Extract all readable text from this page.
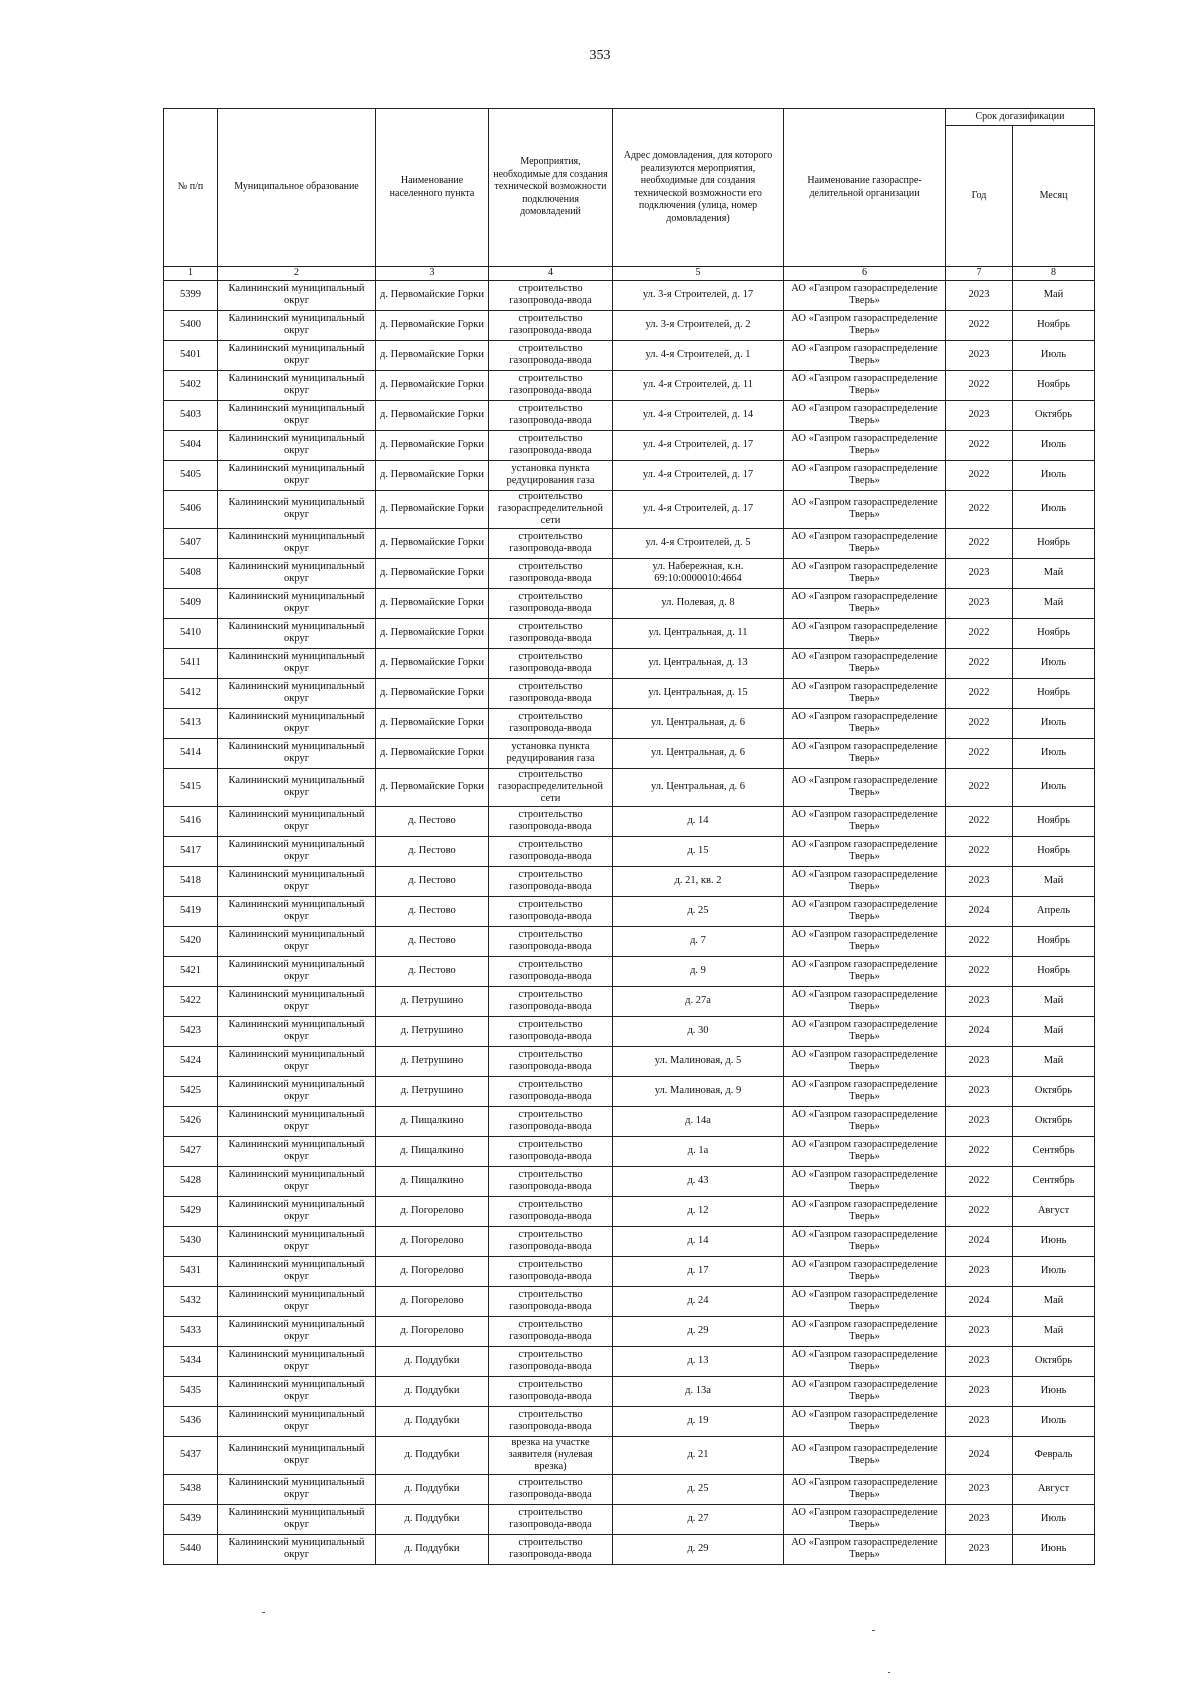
353
№ п/п	Муниципальное образование	Наименование населенного пункта	Мероприятия, необходимые для создания технической возможности подключения домовладений	Адрес домовладения, для которого реализуются мероприятия, необходимые для создания технической возможности его подключения (улица, номер домовладения)	Наименование газораспре-делительной организации	Срок догазификации	
						Год	Месяц
1	2	3	4	5	6	7	8
5399	Калининский муниципальный округ	д. Первомайские Горки	строительство газопровода-ввода	ул. 3-я Строителей, д. 17	АО «Газпром газораспределение Тверь»	2023	Май
5400	Калининский муниципальный округ	д. Первомайские Горки	строительство газопровода-ввода	ул. 3-я Строителей, д. 2	АО «Газпром газораспределение Тверь»	2022	Ноябрь
5401	Калининский муниципальный округ	д. Первомайские Горки	строительство газопровода-ввода	ул. 4-я Строителей, д. 1	АО «Газпром газораспределение Тверь»	2023	Июль
5402	Калининский муниципальный округ	д. Первомайские Горки	строительство газопровода-ввода	ул. 4-я Строителей, д. 11	АО «Газпром газораспределение Тверь»	2022	Ноябрь
5403	Калининский муниципальный округ	д. Первомайские Горки	строительство газопровода-ввода	ул. 4-я Строителей, д. 14	АО «Газпром газораспределение Тверь»	2023	Октябрь
5404	Калининский муниципальный округ	д. Первомайские Горки	строительство газопровода-ввода	ул. 4-я Строителей, д. 17	АО «Газпром газораспределение Тверь»	2022	Июль
5405	Калининский муниципальный округ	д. Первомайские Горки	установка пункта редуцирования газа	ул. 4-я Строителей, д. 17	АО «Газпром газораспределение Тверь»	2022	Июль
5406	Калининский муниципальный округ	д. Первомайские Горки	строительство газораспределительной сети	ул. 4-я Строителей, д. 17	АО «Газпром газораспределение Тверь»	2022	Июль
5407	Калининский муниципальный округ	д. Первомайские Горки	строительство газопровода-ввода	ул. 4-я Строителей, д. 5	АО «Газпром газораспределение Тверь»	2022	Ноябрь
5408	Калининский муниципальный округ	д. Первомайские Горки	строительство газопровода-ввода	ул. Набережная, к.н. 69:10:0000010:4664	АО «Газпром газораспределение Тверь»	2023	Май
5409	Калининский муниципальный округ	д. Первомайские Горки	строительство газопровода-ввода	ул. Полевая, д. 8	АО «Газпром газораспределение Тверь»	2023	Май
5410	Калининский муниципальный округ	д. Первомайские Горки	строительство газопровода-ввода	ул. Центральная, д. 11	АО «Газпром газораспределение Тверь»	2022	Ноябрь
5411	Калининский муниципальный округ	д. Первомайские Горки	строительство газопровода-ввода	ул. Центральная, д. 13	АО «Газпром газораспределение Тверь»	2022	Июль
5412	Калининский муниципальный округ	д. Первомайские Горки	строительство газопровода-ввода	ул. Центральная, д. 15	АО «Газпром газораспределение Тверь»	2022	Ноябрь
5413	Калининский муниципальный округ	д. Первомайские Горки	строительство газопровода-ввода	ул. Центральная, д. 6	АО «Газпром газораспределение Тверь»	2022	Июль
5414	Калининский муниципальный округ	д. Первомайские Горки	установка пункта редуцирования газа	ул. Центральная, д. 6	АО «Газпром газораспределение Тверь»	2022	Июль
5415	Калининский муниципальный округ	д. Первомайские Горки	строительство газораспределительной сети	ул. Центральная, д. 6	АО «Газпром газораспределение Тверь»	2022	Июль
5416	Калининский муниципальный округ	д. Пестово	строительство газопровода-ввода	д. 14	АО «Газпром газораспределение Тверь»	2022	Ноябрь
5417	Калининский муниципальный округ	д. Пестово	строительство газопровода-ввода	д. 15	АО «Газпром газораспределение Тверь»	2022	Ноябрь
5418	Калининский муниципальный округ	д. Пестово	строительство газопровода-ввода	д. 21, кв. 2	АО «Газпром газораспределение Тверь»	2023	Май
5419	Калининский муниципальный округ	д. Пестово	строительство газопровода-ввода	д. 25	АО «Газпром газораспределение Тверь»	2024	Апрель
5420	Калининский муниципальный округ	д. Пестово	строительство газопровода-ввода	д. 7	АО «Газпром газораспределение Тверь»	2022	Ноябрь
5421	Калининский муниципальный округ	д. Пестово	строительство газопровода-ввода	д. 9	АО «Газпром газораспределение Тверь»	2022	Ноябрь
5422	Калининский муниципальный округ	д. Петрушино	строительство газопровода-ввода	д. 27а	АО «Газпром газораспределение Тверь»	2023	Май
5423	Калининский муниципальный округ	д. Петрушино	строительство газопровода-ввода	д. 30	АО «Газпром газораспределение Тверь»	2024	Май
5424	Калининский муниципальный округ	д. Петрушино	строительство газопровода-ввода	ул. Малиновая, д. 5	АО «Газпром газораспределение Тверь»	2023	Май
5425	Калининский муниципальный округ	д. Петрушино	строительство газопровода-ввода	ул. Малиновая, д. 9	АО «Газпром газораспределение Тверь»	2023	Октябрь
5426	Калининский муниципальный округ	д. Пищалкино	строительство газопровода-ввода	д. 14а	АО «Газпром газораспределение Тверь»	2023	Октябрь
5427	Калининский муниципальный округ	д. Пищалкино	строительство газопровода-ввода	д. 1а	АО «Газпром газораспределение Тверь»	2022	Сентябрь
5428	Калининский муниципальный округ	д. Пищалкино	строительство газопровода-ввода	д. 43	АО «Газпром газораспределение Тверь»	2022	Сентябрь
5429	Калининский муниципальный округ	д. Погорелово	строительство газопровода-ввода	д. 12	АО «Газпром газораспределение Тверь»	2022	Август
5430	Калининский муниципальный округ	д. Погорелово	строительство газопровода-ввода	д. 14	АО «Газпром газораспределение Тверь»	2024	Июнь
5431	Калининский муниципальный округ	д. Погорелово	строительство газопровода-ввода	д. 17	АО «Газпром газораспределение Тверь»	2023	Июль
5432	Калининский муниципальный округ	д. Погорелово	строительство газопровода-ввода	д. 24	АО «Газпром газораспределение Тверь»	2024	Май
5433	Калининский муниципальный округ	д. Погорелово	строительство газопровода-ввода	д. 29	АО «Газпром газораспределение Тверь»	2023	Май
5434	Калининский муниципальный округ	д. Поддубки	строительство газопровода-ввода	д. 13	АО «Газпром газораспределение Тверь»	2023	Октябрь
5435	Калининский муниципальный округ	д. Поддубки	строительство газопровода-ввода	д. 13а	АО «Газпром газораспределение Тверь»	2023	Июнь
5436	Калининский муниципальный округ	д. Поддубки	строительство газопровода-ввода	д. 19	АО «Газпром газораспределение Тверь»	2023	Июль
5437	Калининский муниципальный округ	д. Поддубки	врезка на участке заявителя (нулевая врезка)	д. 21	АО «Газпром газораспределение Тверь»	2024	Февраль
5438	Калининский муниципальный округ	д. Поддубки	строительство газопровода-ввода	д. 25	АО «Газпром газораспределение Тверь»	2023	Август
5439	Калининский муниципальный округ	д. Поддубки	строительство газопровода-ввода	д. 27	АО «Газпром газораспределение Тверь»	2023	Июль
5440	Калининский муниципальный округ	д. Поддубки	строительство газопровода-ввода	д. 29	АО «Газпром газораспределение Тверь»	2023	Июнь
